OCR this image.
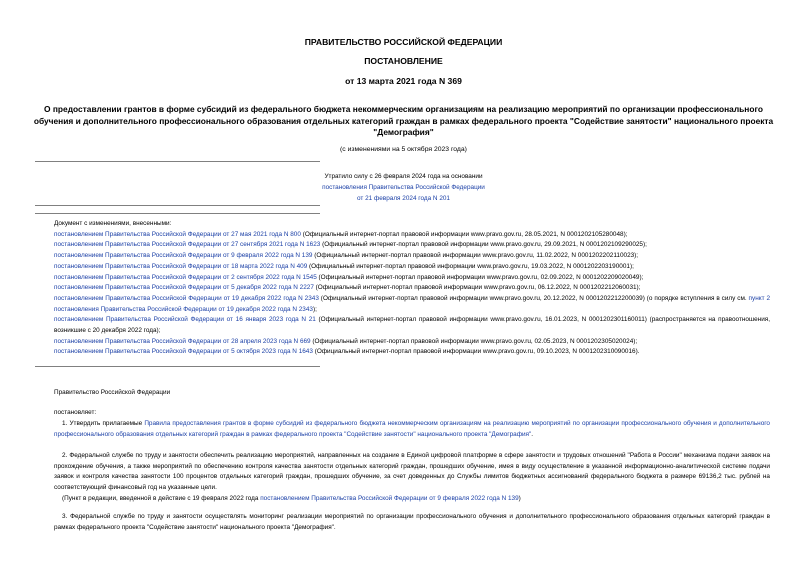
ПРАВИТЕЛЬСТВО РОССИЙСКОЙ ФЕДЕРАЦИИ
ПОСТАНОВЛЕНИЕ
от 13 марта 2021 года N 369
О предоставлении грантов в форме субсидий из федерального бюджета некоммерческим организациям на реализацию мероприятий по организации профессионального обучения и дополнительного профессионального образования отдельных категорий граждан в рамках федерального проекта "Содействие занятости" национального проекта "Демография"
(с изменениями на 5 октября 2023 года)
Утратило силу с 26 февраля 2024 года на основании
постановления Правительства Российской Федерации
от 21 февраля 2024 года N 201
Документ с изменениями, внесенными:
постановлением Правительства Российской Федерации от 27 мая 2021 года N 800 (Официальный интернет-портал правовой информации www.pravo.gov.ru, 28.05.2021, N 0001202105280048);
постановлением Правительства Российской Федерации от 27 сентября 2021 года N 1623 (Официальный интернет-портал правовой информации www.pravo.gov.ru, 29.09.2021, N 0001202109290025);
постановлением Правительства Российской Федерации от 9 февраля 2022 года N 139 (Официальный интернет-портал правовой информации www.pravo.gov.ru, 11.02.2022, N 0001202202110023);
постановлением Правительства Российской Федерации от 18 марта 2022 года N 409 (Официальный интернет-портал правовой информации www.pravo.gov.ru, 19.03.2022, N 0001202203190001);
постановлением Правительства Российской Федерации от 2 сентября 2022 года N 1545 (Официальный интернет-портал правовой информации www.pravo.gov.ru, 02.09.2022, N 0001202209020049);
постановлением Правительства Российской Федерации от 5 декабря 2022 года N 2227 (Официальный интернет-портал правовой информации www.pravo.gov.ru, 06.12.2022, N 0001202212060031);
постановлением Правительства Российской Федерации от 19 декабря 2022 года N 2343 (Официальный интернет-портал правовой информации www.pravo.gov.ru, 20.12.2022, N 0001202212200039) (о порядке вступления в силу см. пункт 2 постановления Правительства Российской Федерации от 19 декабря 2022 года N 2343);
постановлением Правительства Российской Федерации от 16 января 2023 года N 21 (Официальный интернет-портал правовой информации www.pravo.gov.ru, 16.01.2023, N 0001202301160011) (распространяется на правоотношения, возникшие с 20 декабря 2022 года);
постановлением Правительства Российской Федерации от 28 апреля 2023 года N 669 (Официальный интернет-портал правовой информации www.pravo.gov.ru, 02.05.2023, N 0001202305020024);
постановлением Правительства Российской Федерации от 5 октября 2023 года N 1643 (Официальный интернет-портал правовой информации www.pravo.gov.ru, 09.10.2023, N 0001202310090016).
Правительство Российской Федерации
постановляет:

1. Утвердить прилагаемые Правила предоставления грантов в форме субсидий из федерального бюджета некоммерческим организациям на реализацию мероприятий по организации профессионального обучения и дополнительного профессионального образования отдельных категорий граждан в рамках федерального проекта "Содействие занятости" национального проекта "Демография".

2. Федеральной службе по труду и занятости обеспечить реализацию мероприятий, направленных на создание в Единой цифровой платформе в сфере занятости и трудовых отношений "Работа в России" механизма подачи заявок на прохождение обучения, а также мероприятий по обеспечению контроля качества занятости отдельных категорий граждан, прошедших обучение, имея в виду осуществление в указанной информационно-аналитической системе подачи заявок и контроля качества занятости 100 процентов отдельных категорий граждан, прошедших обучение, за счет доведенных до Службы лимитов бюджетных ассигнований федерального бюджета в размере 69136,2 тыс. рублей на соответствующий финансовый год на указанные цели.

(Пункт в редакции, введенной в действие с 19 февраля 2022 года постановлением Правительства Российской Федерации от 9 февраля 2022 года N 139)

3. Федеральной службе по труду и занятости осуществлять мониторинг реализации мероприятий по организации профессионального обучения и дополнительного профессионального образования отдельных категорий граждан в рамках федерального проекта "Содействие занятости" национального проекта "Демография".
